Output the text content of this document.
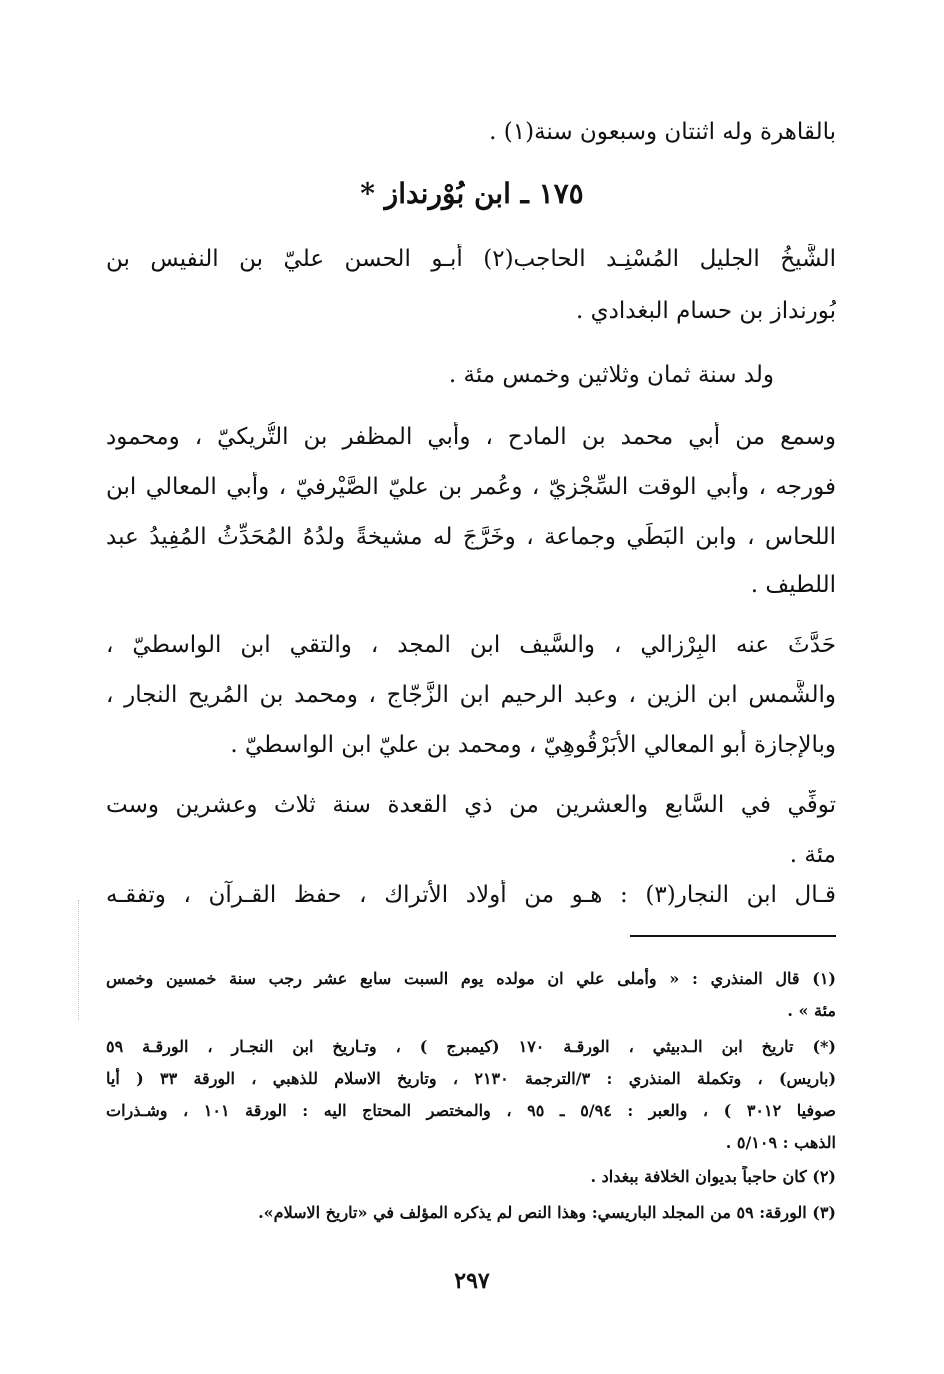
بالقاهرة وله اثنتان وسبعون سنة(١) .
١٧٥ ـ ابن بُوْرنداز *
الشَّيخُ الجليل المُسْنِـد الحاجب(٢) أبـو الحسن عليّ بن النفيس بن
بُورنداز بن حسام البغدادي .
ولد سنة ثمان وثلاثين وخمس مئة .
وسمع من أبي محمد بن المادح ، وأبي المظفر بن التُّريكيّ ، ومحمود
فورجه ، وأبي الوقت السِّجْزيّ ، وعُمر بن عليّ الصَّيْرفيّ ، وأبي المعالي ابن
اللحاس ، وابن البَطِّي وجماعة ، وخَرَّجَ له مشيخةً ولدُهُ المُحَدِّثُ المُفِيدُ عبد
اللطيف .
حَدَّثَ عنه البِرْزالي ، والسَّيف ابن المجد ، والتقي ابن الواسطيّ ،
والشَّمس ابن الزين ، وعبد الرحيم ابن الزَّجّاج ، ومحمد بن المُريح النجار ،
وبالإجازة أبو المعالي الأَبَرْقُوهِيّ ، ومحمد بن عليّ ابن الواسطيّ .
توفِّي في السَّابع والعشرين من ذي القعدة سنة ثلاث وعشرين وست
مئة .
قـال ابن النجار(٣) : هـو من أولاد الأتراك ، حفظ القـرآن ، وتفقـه
(١) قال المنذري : « وأملى علي ان مولده يوم السبت سابع عشر رجب سنة خمسين وخمس
مئة » .
(*) تاريخ ابن الـدبيثي ، الورقـة ١٧٠ (كيمبرج ) ، وتـاريخ ابن النجـار ، الورقـة ٥٩
(باريس) ، وتكملة المنذري : ٣/الترجمة ٢١٣٠ ، وتاريخ الاسلام للذهبي ، الورقة ٣٣ ( أيا
صوفيا ٣٠١٢ ) ، والعبر : ٥/٩٤ ـ ٩٥ ، والمختصر المحتاج اليه : الورقة ١٠١ ، وشـذرات
الذهب : ٥/١٠٩ .
(٢) كان حاجباً بديوان الخلافة ببغداد .
(٣) الورقة: ٥٩ من المجلد الباريسي: وهذا النص لم يذكره المؤلف في «تاريخ الاسلام».
٢٩٧
